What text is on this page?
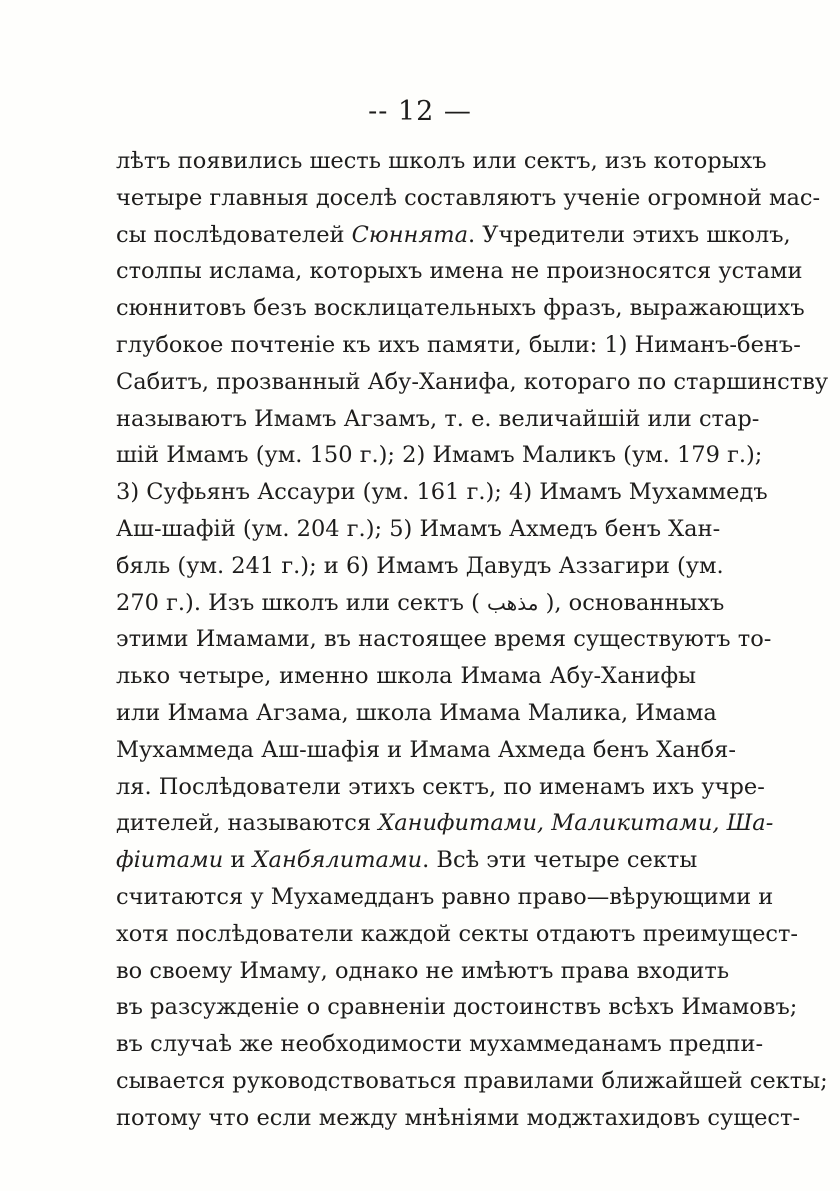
-- 12 —
лѣтъ появились шесть школъ или сектъ, изъ которыхъ
четыре главныя доселѣ составляютъ ученіе огромной мас-
сы послѣдователей Сюннята. Учредители этихъ школъ,
столпы ислама, которыхъ имена не произносятся устами
сюннитовъ безъ восклицательныхъ фразъ, выражающихъ
глубокое почтеніе къ ихъ памяти, были: 1) Ниманъ-бенъ-
Сабитъ, прозванный Абу-Ханифа, котораго по старшинству
называютъ Имамъ Агзамъ, т. е. величайшій или стар-
шій Имамъ (ум. 150 г.); 2) Имамъ Маликъ (ум. 179 г.);
3) Суфьянъ Ассаури (ум. 161 г.); 4) Имамъ Мухаммедъ
Аш-шафій (ум. 204 г.); 5) Имамъ Ахмедъ бенъ Хан-
бяль (ум. 241 г.); и 6) Имамъ Давудъ Аззагири (ум.
270 г.). Изъ школъ или сектъ ( مذهب ), основанныхъ
этими Имамами, въ настоящее время существуютъ то-
лько четыре, именно школа Имама Абу-Ханифы
или Имама Агзама, школа Имама Малика, Имама
Мухаммеда Аш-шафія и Имама Ахмеда бенъ Ханбя-
ля. Послѣдователи этихъ сектъ, по именамъ ихъ учре-
дителей, называются Ханифитами, Маликитами, Ша-
фіитами и Ханбялитами. Всѣ эти четыре секты
считаются у Мухамедданъ равно право—вѣрующими и
хотя послѣдователи каждой секты отдаютъ преимущест-
во своему Имаму, однако не имѣютъ права входить
въ разсужденіе о сравненіи достоинствъ всѣхъ Имамовъ;
въ случаѣ же необходимости мухаммеданамъ предпи-
сывается руководствоваться правилами ближайшей секты;
потому что если между мнѣніями моджтахидовъ сущест-
